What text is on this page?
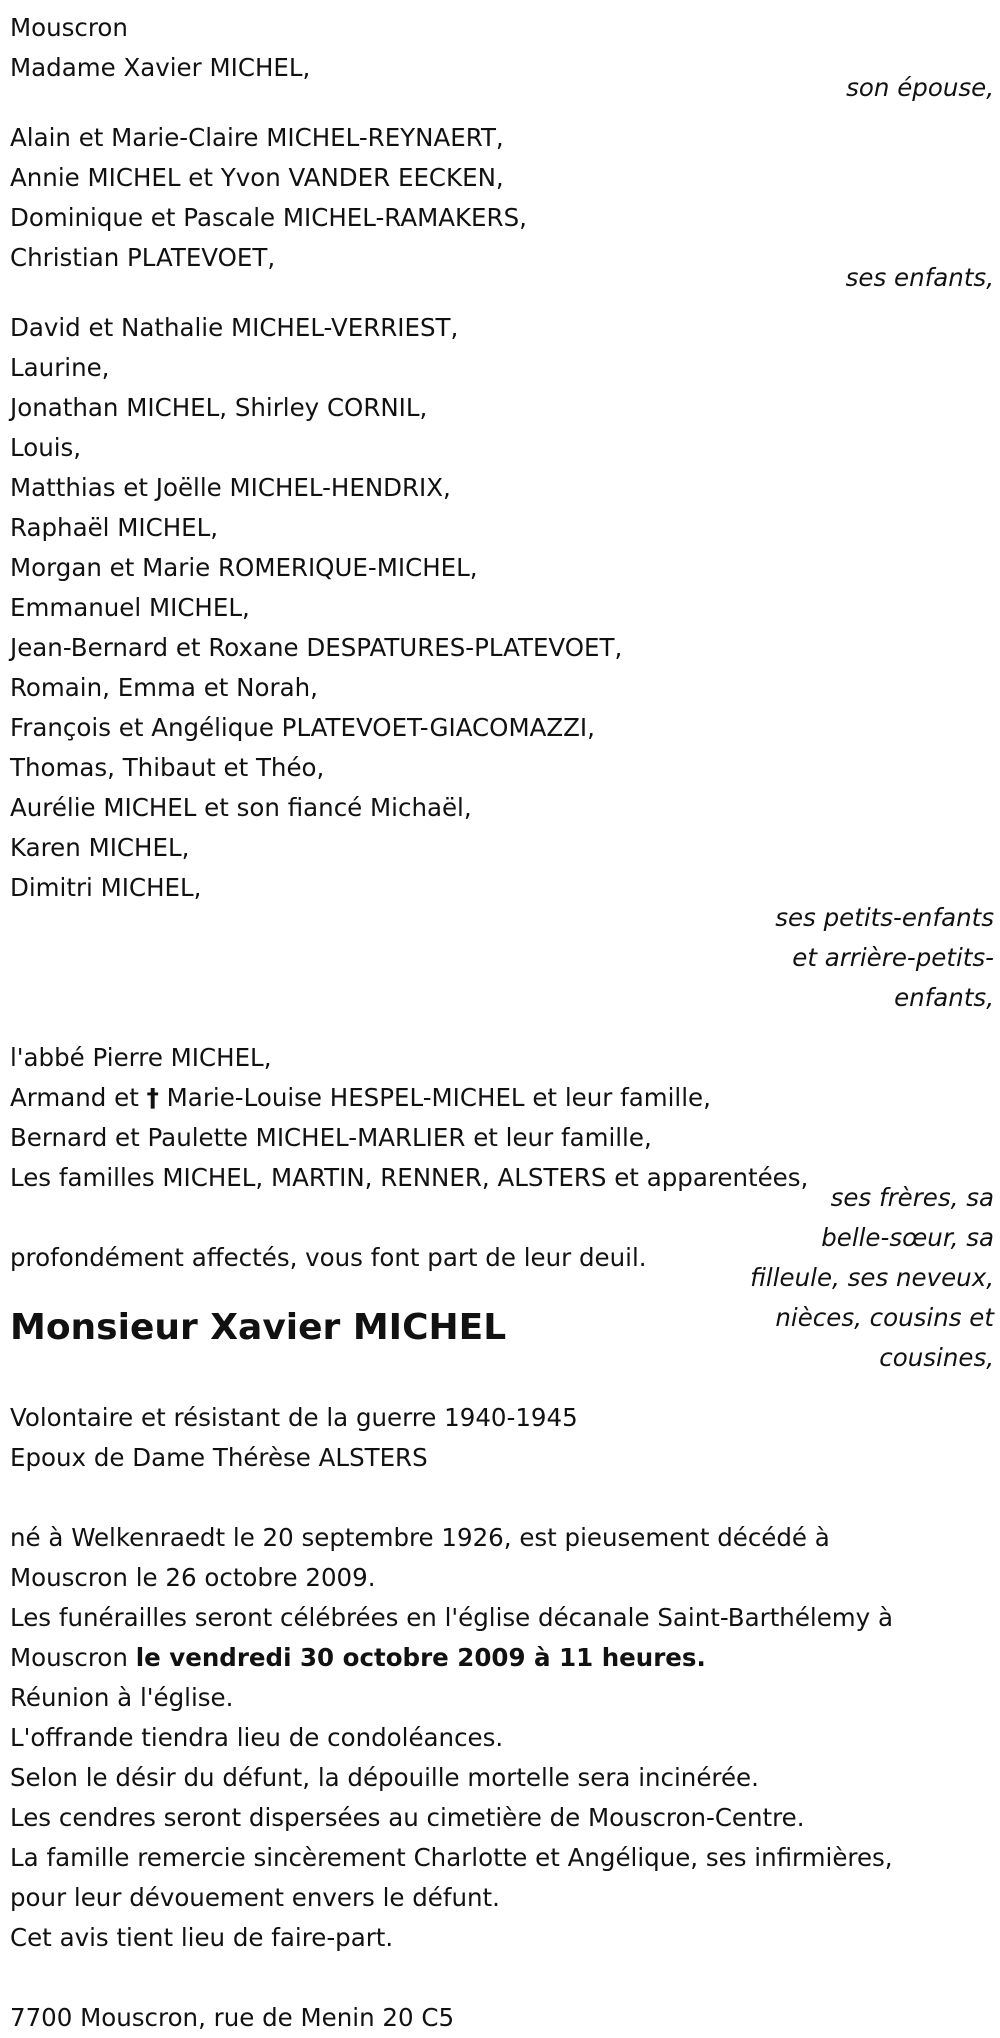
Mouscron
Madame Xavier MICHEL,
son épouse,
Alain et Marie-Claire MICHEL-REYNAERT,
Annie MICHEL et Yvon VANDER EECKEN,
Dominique et Pascale MICHEL-RAMAKERS,
Christian PLATEVOET,
ses enfants,
David et Nathalie MICHEL-VERRIEST,
Laurine,
Jonathan MICHEL, Shirley CORNIL,
Louis,
Matthias et Joëlle MICHEL-HENDRIX,
Raphaël MICHEL,
Morgan et Marie ROMERIQUE-MICHEL,
Emmanuel MICHEL,
Jean-Bernard et Roxane DESPATURES-PLATEVOET,
Romain, Emma et Norah,
François et Angélique PLATEVOET-GIACOMAZZI,
Thomas, Thibaut et Théo,
Aurélie MICHEL et son fiancé Michaël,
Karen MICHEL,
Dimitri MICHEL,
ses petits-enfants
et arrière-petits-
enfants,
l'abbé Pierre MICHEL,
Armand et † Marie-Louise HESPEL-MICHEL et leur famille,
Bernard et Paulette MICHEL-MARLIER et leur famille,
Les familles MICHEL, MARTIN, RENNER, ALSTERS et apparentées,
ses frères, sa
belle-sœur, sa
filleule, ses neveux,
nièces, cousins et
cousines,
profondément affectés, vous font part de leur deuil.
Monsieur Xavier MICHEL
Volontaire et résistant de la guerre 1940-1945
Epoux de Dame Thérèse ALSTERS
né à Welkenraedt le 20 septembre 1926, est pieusement décédé à
Mouscron le 26 octobre 2009.
Les funérailles seront célébrées en l'église décanale Saint-Barthélemy à
Mouscron le vendredi 30 octobre 2009 à 11 heures.
Réunion à l'église.
L'offrande tiendra lieu de condoléances.
Selon le désir du défunt, la dépouille mortelle sera incinérée.
Les cendres seront dispersées au cimetière de Mouscron-Centre.
La famille remercie sincèrement Charlotte et Angélique, ses infirmières,
pour leur dévouement envers le défunt.
Cet avis tient lieu de faire-part.
7700 Mouscron, rue de Menin 20 C5
